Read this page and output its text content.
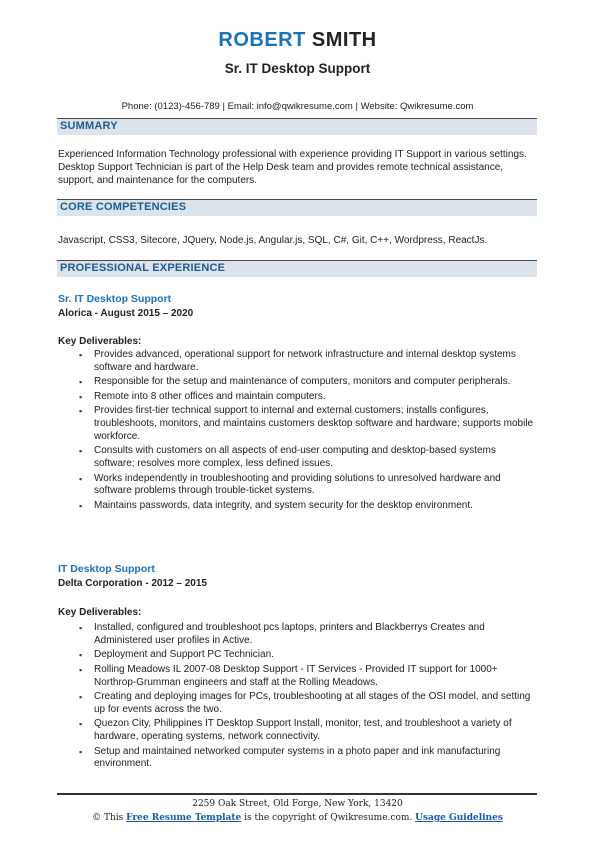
ROBERT SMITH
Sr. IT Desktop Support
Phone: (0123)-456-789 | Email: info@qwikresume.com | Website: Qwikresume.com
SUMMARY
Experienced Information Technology professional with experience providing IT Support in various settings. Desktop Support Technician is part of the Help Desk team and provides remote technical assistance, support, and maintenance for the computers.
CORE COMPETENCIES
Javascript, CSS3, Sitecore, JQuery, Node.js, Angular.js, SQL, C#, Git, C++, Wordpress, ReactJs.
PROFESSIONAL EXPERIENCE
Sr. IT Desktop Support
Alorica - August 2015 – 2020
Key Deliverables:
▪ Provides advanced, operational support for network infrastructure and internal desktop systems software and hardware.
▪ Responsible for the setup and maintenance of computers, monitors and computer peripherals.
▪ Remote into 8 other offices and maintain computers.
▪ Provides first-tier technical support to internal and external customers; installs configures, troubleshoots, monitors, and maintains customers desktop software and hardware; supports mobile workforce.
▪ Consults with customers on all aspects of end-user computing and desktop-based systems software; resolves more complex, less defined issues.
▪ Works independently in troubleshooting and providing solutions to unresolved hardware and software problems through trouble-ticket systems.
▪ Maintains passwords, data integrity, and system security for the desktop environment.
IT Desktop Support
Delta Corporation - 2012 – 2015
Key Deliverables:
▪ Installed, configured and troubleshoot pcs laptops, printers and Blackberrys Creates and Administered user profiles in Active.
▪ Deployment and Support PC Technician.
▪ Rolling Meadows IL 2007-08 Desktop Support - IT Services - Provided IT support for 1000+ Northrop-Grumman engineers and staff at the Rolling Meadows.
▪ Creating and deploying images for PCs, troubleshooting at all stages of the OSI model, and setting up for events across the two.
▪ Quezon City, Philippines IT Desktop Support Install, monitor, test, and troubleshoot a variety of hardware, operating systems, network connectivity.
▪ Setup and maintained networked computer systems in a photo paper and ink manufacturing environment.
2259 Oak Street, Old Forge, New York, 13420
© This Free Resume Template is the copyright of Qwikresume.com. Usage Guidelines
